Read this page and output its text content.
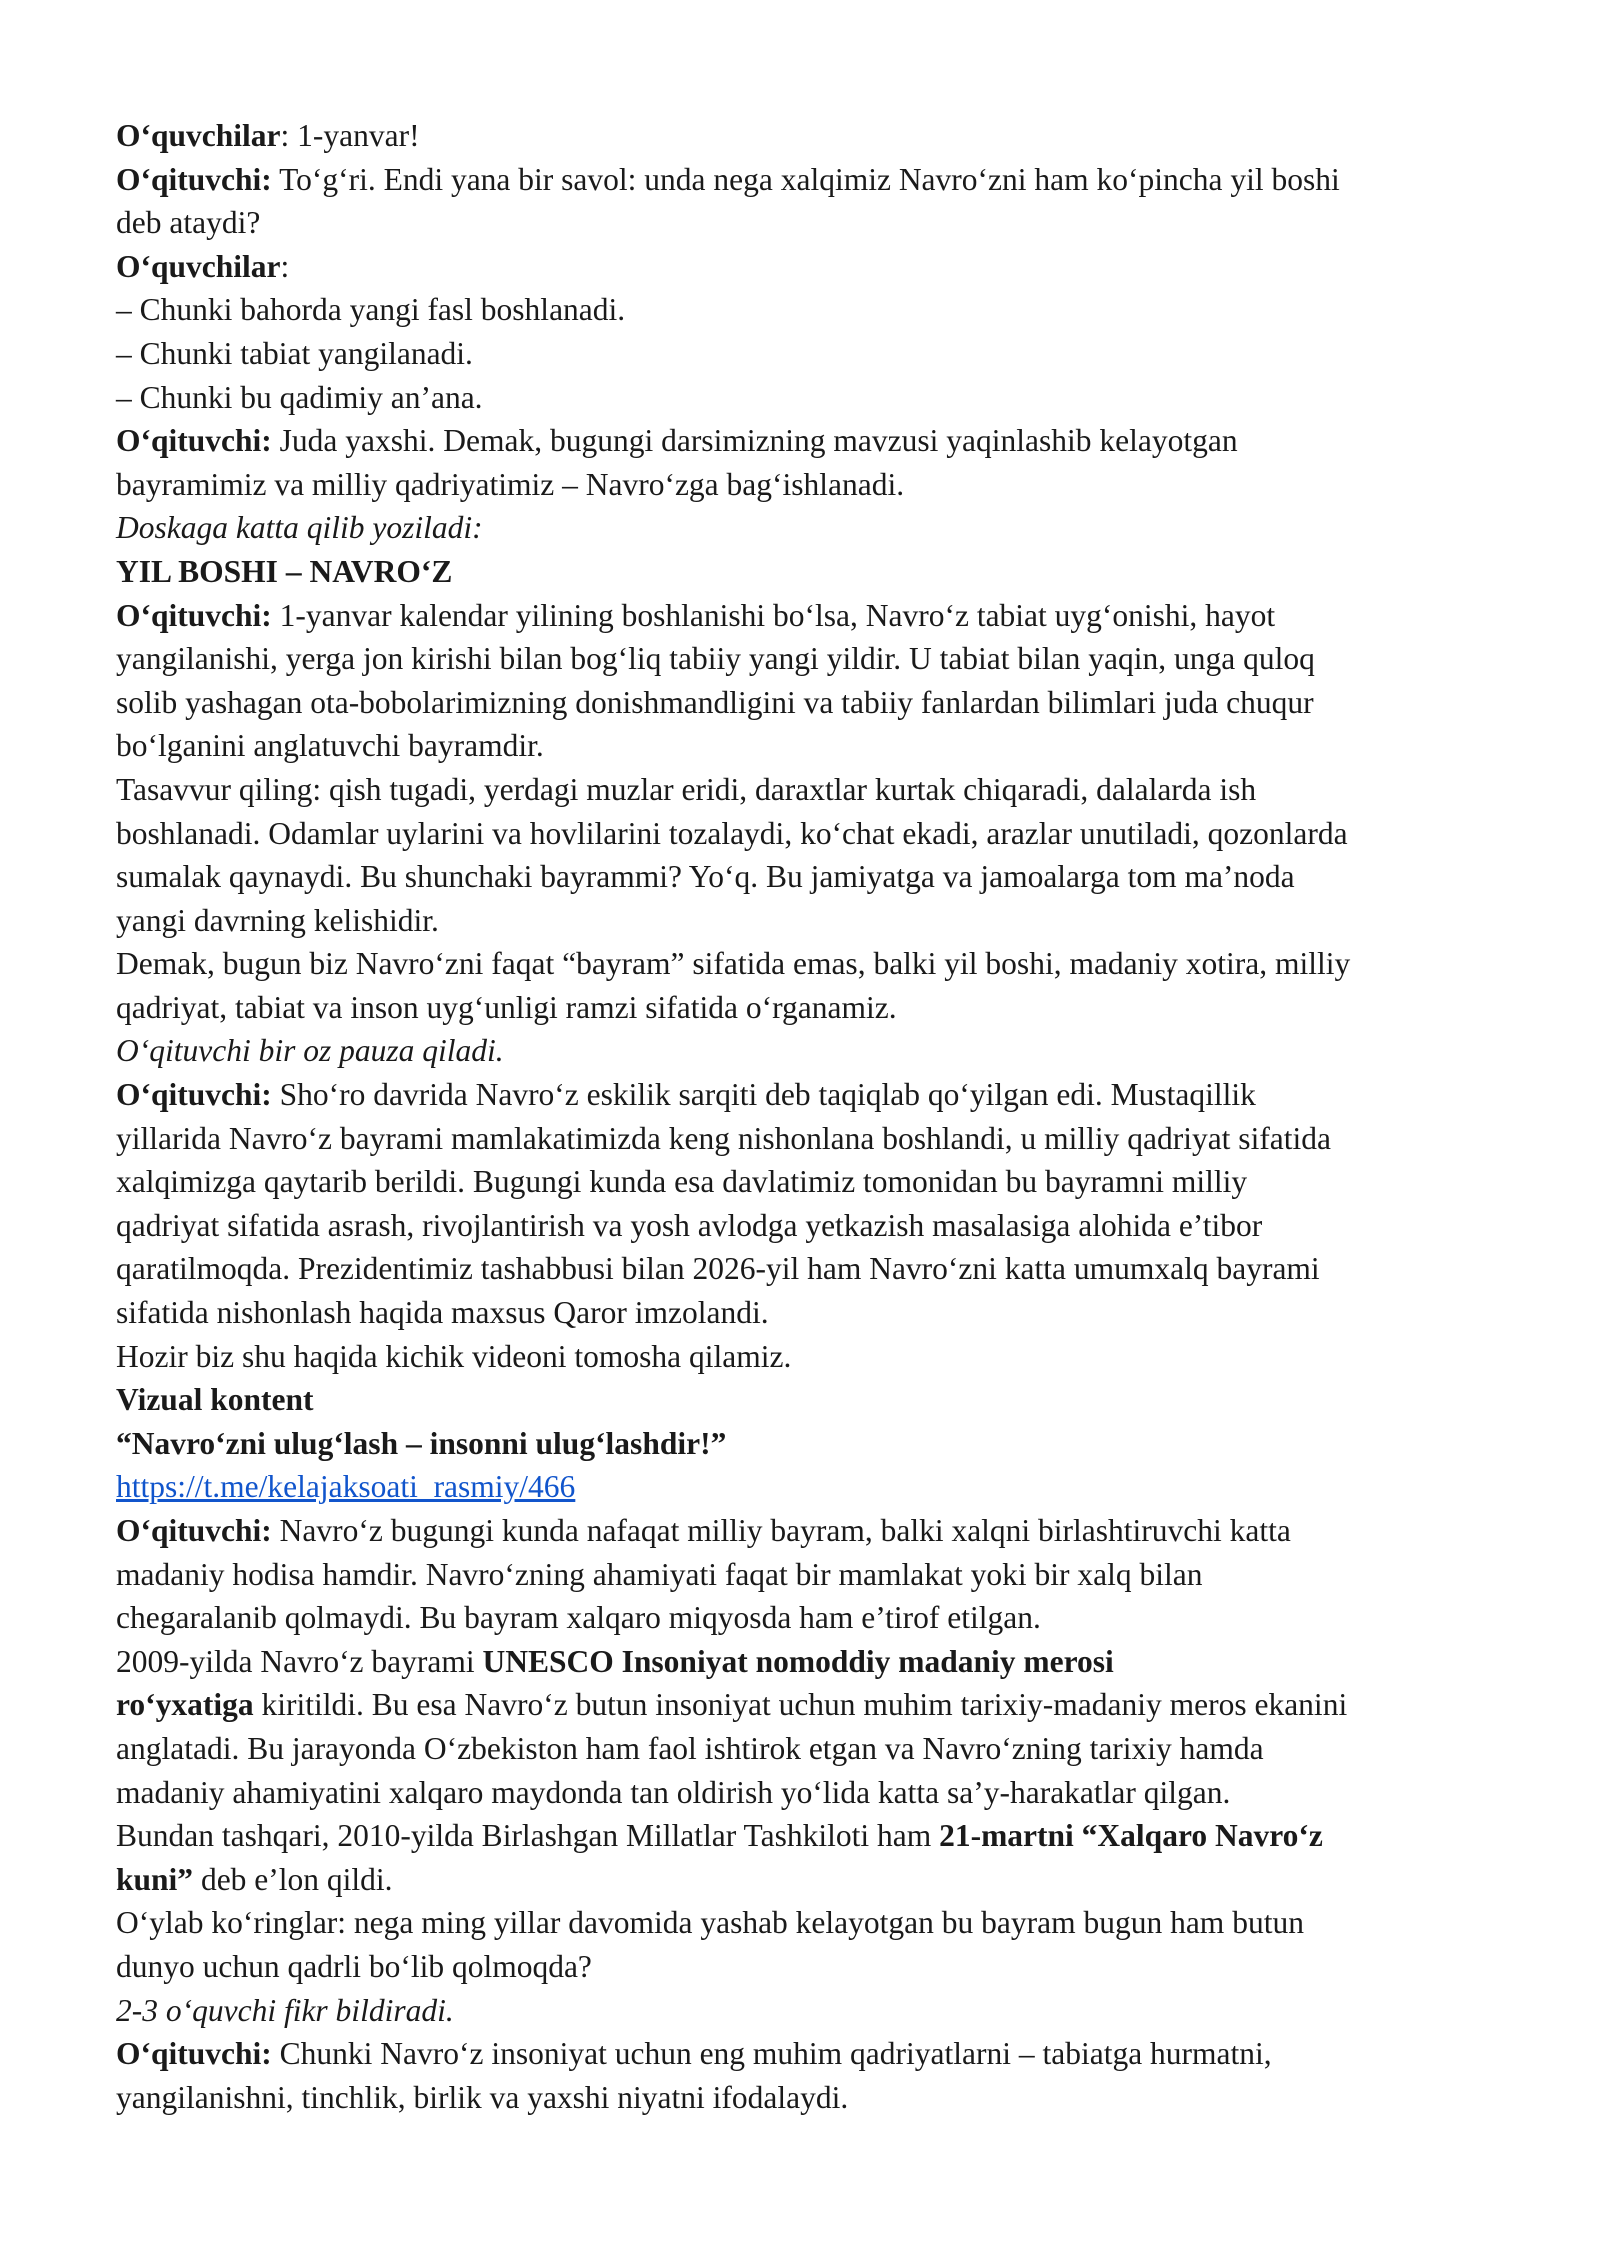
O‘quvchilar: 1-yanvar!

O‘qituvchi: To‘g‘ri. Endi yana bir savol: unda nega xalqimiz Navro‘zni ham ko‘pincha yil boshi

deb ataydi?

O‘quvchilar:

– Chunki bahorda yangi fasl boshlanadi.

– Chunki tabiat yangilanadi.

– Chunki bu qadimiy an’ana.

O‘qituvchi: Juda yaxshi. Demak, bugungi darsimizning mavzusi yaqinlashib kelayotgan

bayramimiz va milliy qadriyatimiz – Navro‘zga bag‘ishlanadi.

Doskaga katta qilib yoziladi:

YIL BOSHI – NAVRO‘Z

O‘qituvchi: 1-yanvar kalendar yilining boshlanishi bo‘lsa, Navro‘z tabiat uyg‘onishi, hayot

yangilanishi, yerga jon kirishi bilan bog‘liq tabiiy yangi yildir. U tabiat bilan yaqin, unga quloq

solib yashagan ota-bobolarimizning donishmandligini va tabiiy fanlardan bilimlari juda chuqur

bo‘lganini anglatuvchi bayramdir.

Tasavvur qiling: qish tugadi, yerdagi muzlar eridi, daraxtlar kurtak chiqaradi, dalalarda ish

boshlanadi. Odamlar uylarini va hovlilarini tozalaydi, ko‘chat ekadi, arazlar unutiladi, qozonlarda

sumalak qaynaydi. Bu shunchaki bayrammi? Yo‘q. Bu jamiyatga va jamoalarga tom ma’noda

yangi davrning kelishidir.

Demak, bugun biz Navro‘zni faqat “bayram” sifatida emas, balki yil boshi, madaniy xotira, milliy

qadriyat, tabiat va inson uyg‘unligi ramzi sifatida o‘rganamiz.

O‘qituvchi bir oz pauza qiladi.

O‘qituvchi: Sho‘ro davrida Navro‘z eskilik sarqiti deb taqiqlab qo‘yilgan edi. Mustaqillik

yillarida Navro‘z bayrami mamlakatimizda keng nishonlana boshlandi, u milliy qadriyat sifatida

xalqimizga qaytarib berildi. Bugungi kunda esa davlatimiz tomonidan bu bayramni milliy

qadriyat sifatida asrash, rivojlantirish va yosh avlodga yetkazish masalasiga alohida e’tibor

qaratilmoqda. Prezidentimiz tashabbusi bilan 2026-yil ham Navro‘zni katta umumxalq bayrami

sifatida nishonlash haqida maxsus Qaror imzolandi.

Hozir biz shu haqida kichik videoni tomosha qilamiz.

Vizual kontent

“Navro‘zni ulug‘lash – insonni ulug‘lashdir!”

https://t.me/kelajaksoati_rasmiy/466

O‘qituvchi: Navro‘z bugungi kunda nafaqat milliy bayram, balki xalqni birlashtiruvchi katta

madaniy hodisa hamdir. Navro‘zning ahamiyati faqat bir mamlakat yoki bir xalq bilan

chegaralanib qolmaydi. Bu bayram xalqaro miqyosda ham e’tirof etilgan.

2009-yilda Navro‘z bayrami UNESCO Insoniyat nomoddiy madaniy merosi

ro‘yxatiga kiritildi. Bu esa Navro‘z butun insoniyat uchun muhim tarixiy-madaniy meros ekanini

anglatadi. Bu jarayonda O‘zbekiston ham faol ishtirok etgan va Navro‘zning tarixiy hamda

madaniy ahamiyatini xalqaro maydonda tan oldirish yo‘lida katta sa’y-harakatlar qilgan.

Bundan tashqari, 2010-yilda Birlashgan Millatlar Tashkiloti ham 21-martni “Xalqaro Navro‘z

kuni” deb e’lon qildi.

O‘ylab ko‘ringlar: nega ming yillar davomida yashab kelayotgan bu bayram bugun ham butun

dunyo uchun qadrli bo‘lib qolmoqda?

2-3 o‘quvchi fikr bildiradi.

O‘qituvchi: Chunki Navro‘z insoniyat uchun eng muhim qadriyatlarni – tabiatga hurmatni,

yangilanishni, tinchlik, birlik va yaxshi niyatni ifodalaydi.
